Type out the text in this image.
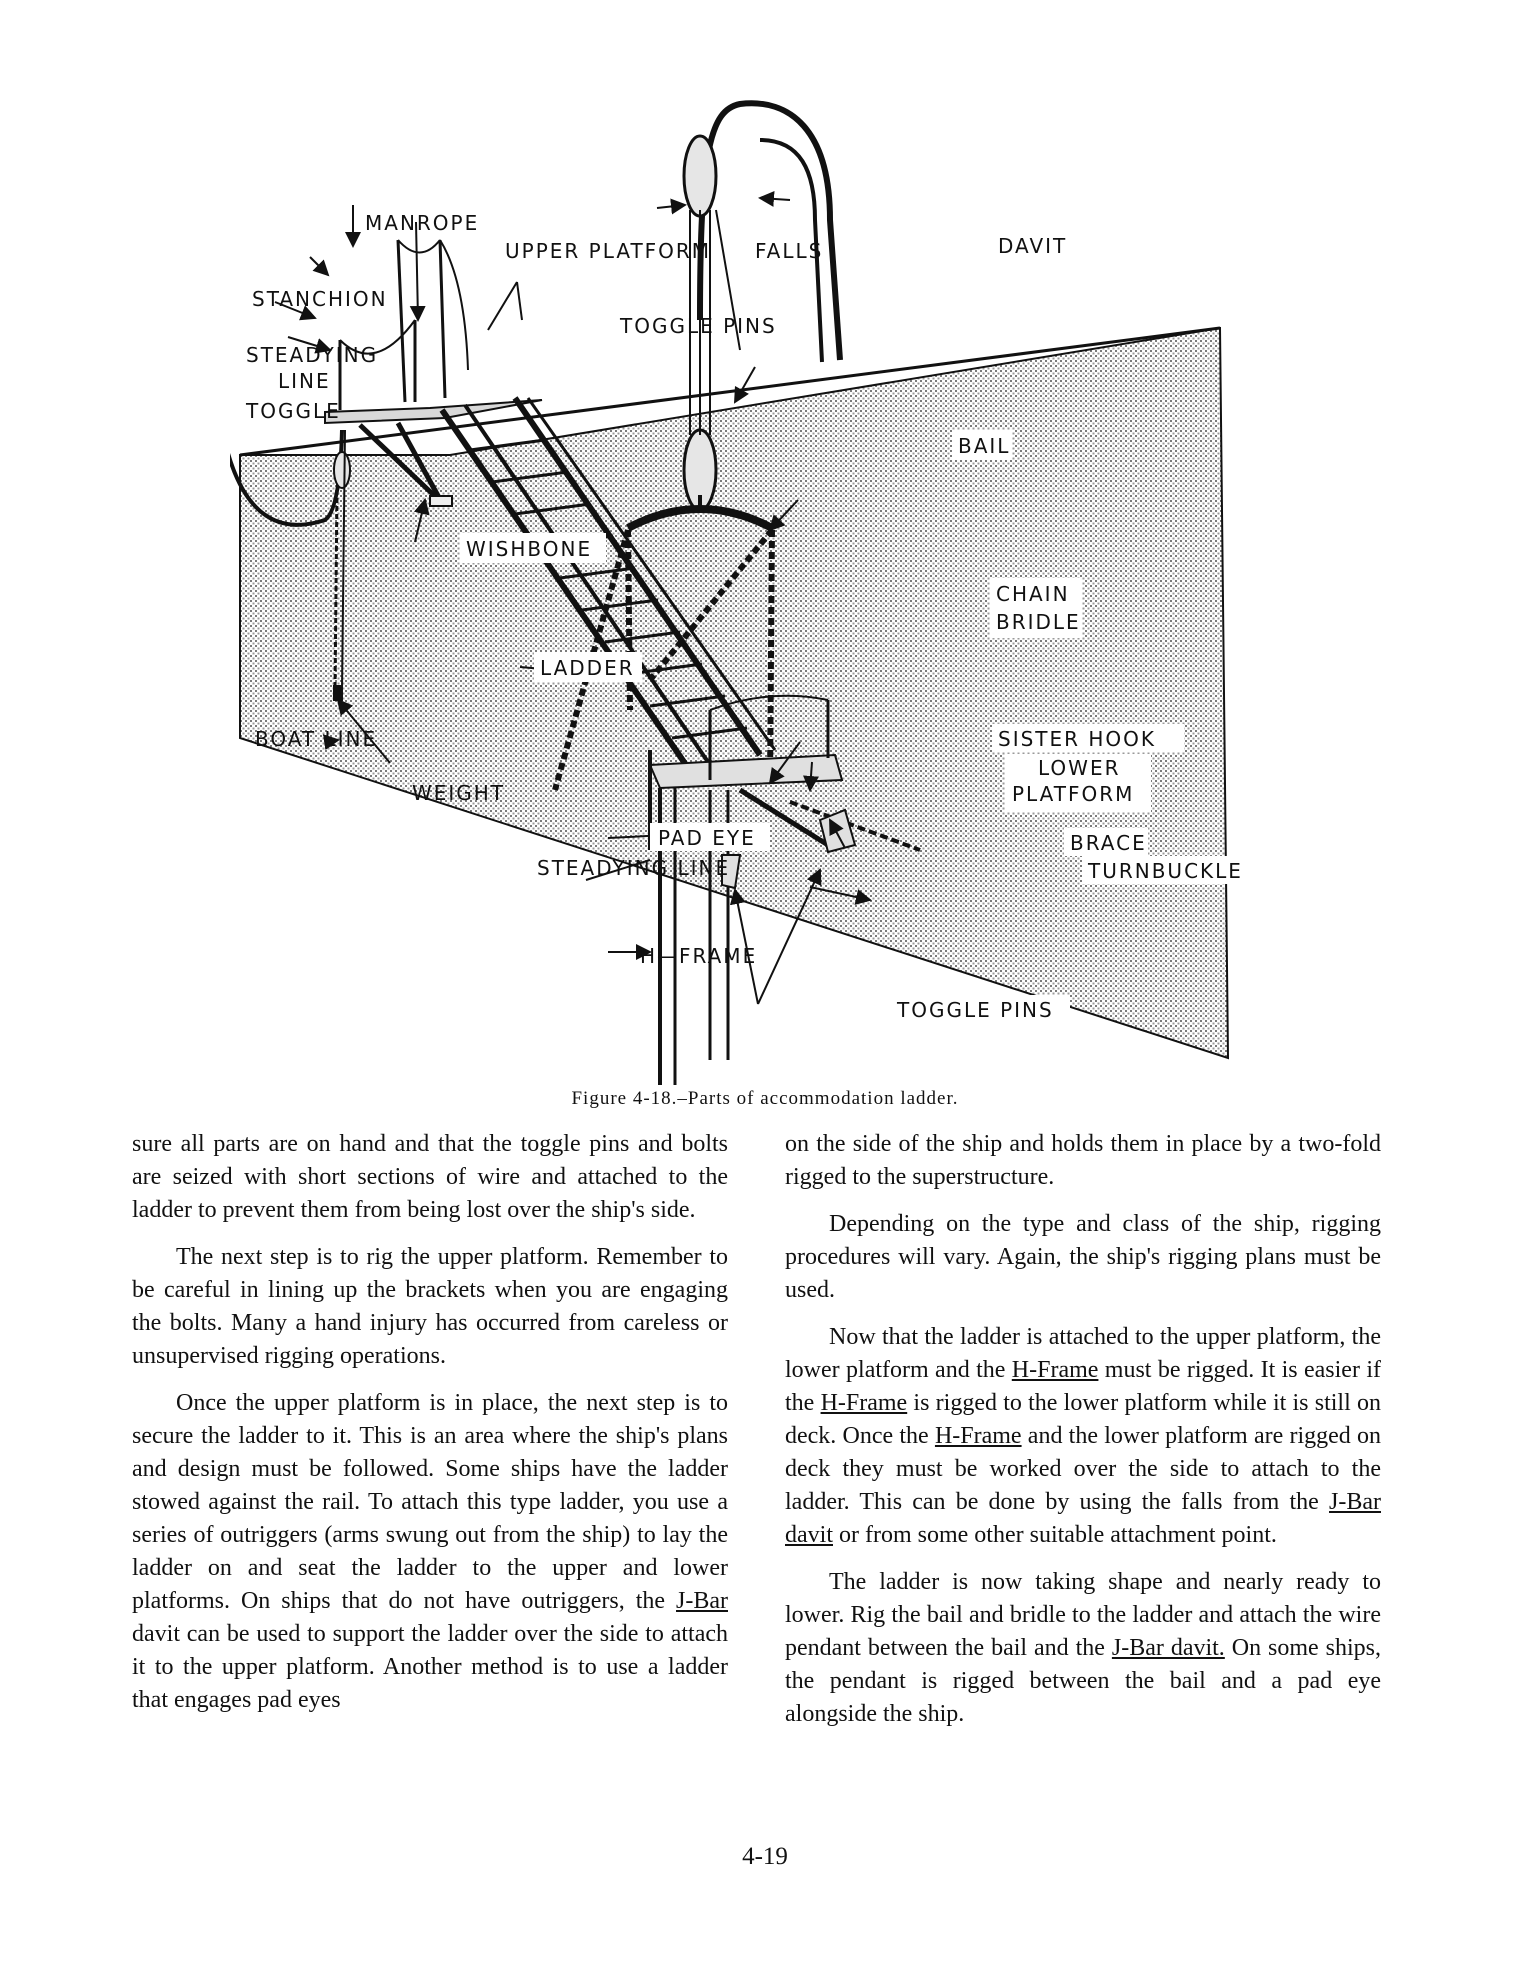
MANROPE
UPPER PLATFORM FALLS	DAVIT
STANCHION
TOGGLE PINS
STEADYING
LINE
TOGGLE
BAIL
WISHBONE
CHAIN
BRIDLE
LADDER
BOAT LINE	SISTER HOOK
LOWER
PLATFORM
WEIGHT
PAD EYE	BRACE
STEADYING LINE	TURNBUCKLE
H—FRAME
TOGGLE PINS
Figure 4-18.–Parts of accommodation ladder.

sure all parts are on hand and that the toggle pins and bolts are seized with short sections of wire and attached to the ladder to prevent them from being lost over the ship's side.

The next step is to rig the upper platform. Remember to be careful in lining up the brackets when you are engaging the bolts. Many a hand injury has occurred from careless or unsupervised rigging operations.

Once the upper platform is in place, the next step is to secure the ladder to it. This is an area where the ship's plans and design must be followed. Some ships have the ladder stowed against the rail. To attach this type ladder, you use a series of outriggers (arms swung out from the ship) to lay the ladder on and seat the ladder to the upper and lower platforms. On ships that do not have outriggers, the J-Bar davit can be used to support the ladder over the side to attach it to the upper platform. Another method is to use a ladder that engages pad eyes

on the side of the ship and holds them in place by a two-fold rigged to the superstructure.

Depending on the type and class of the ship, rigging procedures will vary. Again, the ship's rigging plans must be used.

Now that the ladder is attached to the upper platform, the lower platform and the H-Frame must be rigged. It is easier if the H-Frame is rigged to the lower platform while it is still on deck. Once the H-Frame and the lower platform are rigged on deck they must be worked over the side to attach to the ladder. This can be done by using the falls from the J-Bar davit or from some other suitable attachment point.

The ladder is now taking shape and nearly ready to lower. Rig the bail and bridle to the ladder and attach the wire pendant between the bail and the J-Bar davit. On some ships, the pendant is rigged between the bail and a pad eye alongside the ship.

4-19
